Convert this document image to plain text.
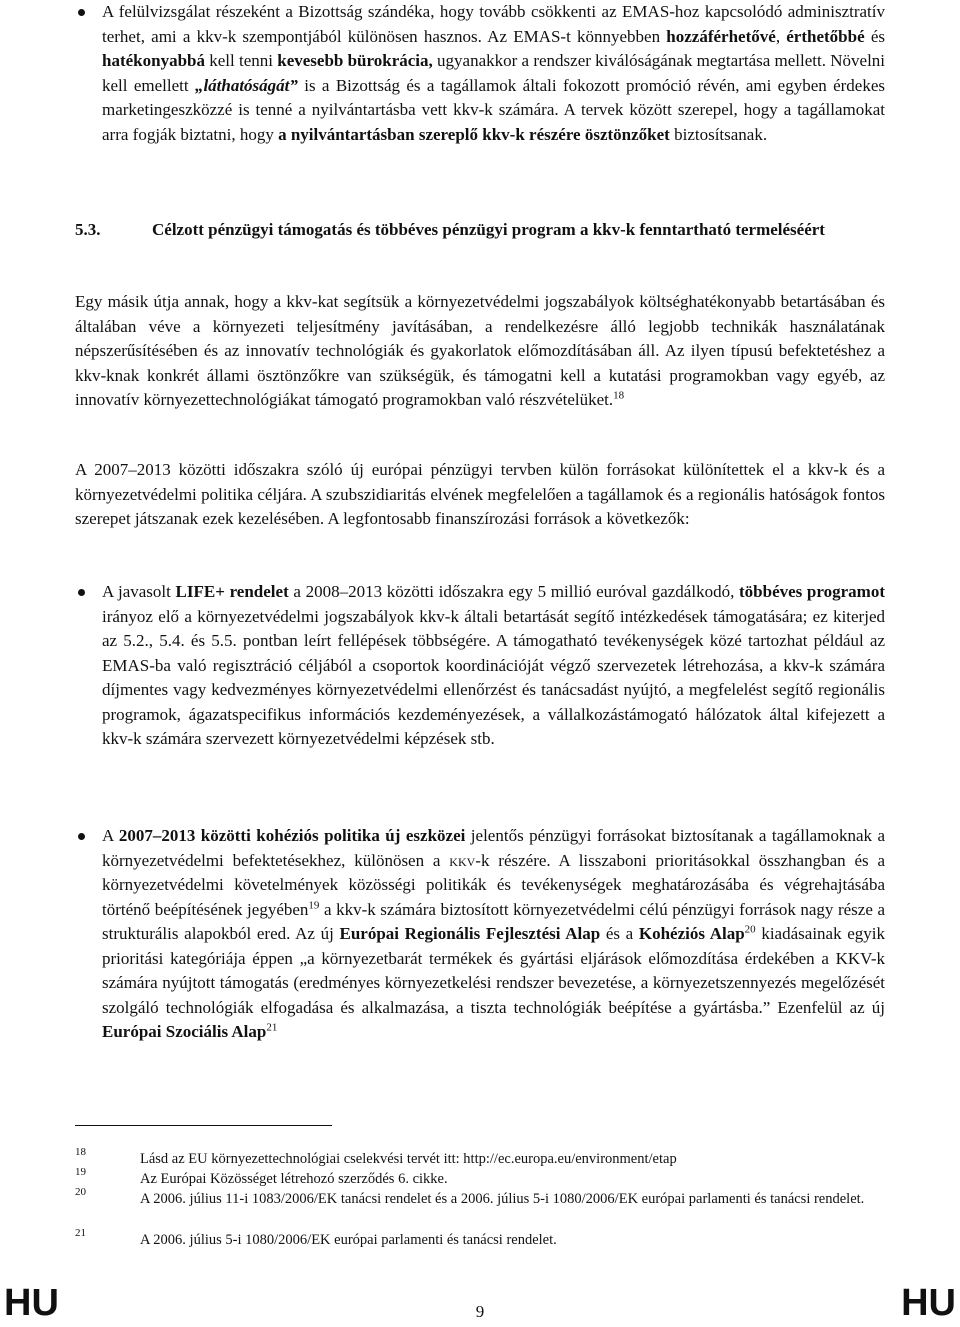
A felülvizsgálat részeként a Bizottság szándéka, hogy tovább csökkenti az EMAS-hoz kapcsolódó adminisztratív terhet, ami a kkv-k szempontjából különösen hasznos. Az EMAS-t könnyebben hozzáférhetővé, érthetőbbé és hatékonyabbá kell tenni kevesebb bürokrácia, ugyanakkor a rendszer kiválóságának megtartása mellett. Növelni kell emellett „láthatóságát” is a Bizottság és a tagállamok általi fokozott promóció révén, ami egyben érdekes marketingeszközzé is tenné a nyilvántartásba vett kkv-k számára. A tervek között szerepel, hogy a tagállamokat arra fogják biztatni, hogy a nyilvántartásban szereplő kkv-k részére ösztönzőket biztosítsanak.
5.3.	Célzott pénzügyi támogatás és többéves pénzügyi program a kkv-k fenntartható termeléséért
Egy másik útja annak, hogy a kkv-kat segítsük a környezetvédelmi jogszabályok költséghatékonyabb betartásában és általában véve a környezeti teljesítmény javításában, a rendelkezésre álló legjobb technikák használatának népszerűsítésében és az innovatív technológiák és gyakorlatok előmozdításában áll. Az ilyen típusú befektetéshez a kkv-knak konkrét állami ösztönzőkre van szükségük, és támogatni kell a kutatási programokban vagy egyéb, az innovatív környezettechnológiákat támogató programokban való részvételüket.$^{18}$
A 2007–2013 közötti időszakra szóló új európai pénzügyi tervben külön forrásokat különítettek el a kkv-k és a környezetvédelmi politika céljára. A szubszidiaritás elvének megfelelően a tagállamok és a regionális hatóságok fontos szerepet játszanak ezek kezelésében. A legfontosabb finanszírozási források a következők:
A javasolt LIFE+ rendelet a 2008–2013 közötti időszakra egy 5 millió euróval gazdálkodó, többéves programot irányoz elő a környezetvédelmi jogszabályok kkv-k általi betartását segítő intézkedések támogatására; ez kiterjed az 5.2., 5.4. és 5.5. pontban leírt fellépések többségére. A támogatható tevékenységek közé tartozhat például az EMAS-ba való regisztráció céljából a csoportok koordinációját végző szervezetek létrehozása, a kkv-k számára díjmentes vagy kedvezményes környezetvédelmi ellenőrzést és tanácsadást nyújtó, a megfelelést segítő regionális programok, ágazatspecifikus információs kezdeményezések, a vállalkozástámogató hálózatok által kifejezett a kkv-k számára szervezett környezetvédelmi képzések stb.
A 2007–2013 közötti kohéziós politika új eszközei jelentős pénzügyi forrásokat biztosítanak a tagállamoknak a környezetvédelmi befektetésekhez, különösen a kkv-k részére. A lisszaboni prioritásokkal összhangban és a környezetvédelmi követelmények közösségi politikák és tevékenységek meghatározásába és végrehajtásába történő beépítésének jegyében$^{19}$ a kkv-k számára biztosított környezetvédelmi célú pénzügyi források nagy része a strukturális alapokból ered. Az új Európai Regionális Fejlesztési Alap és a Kohéziós Alap$^{20}$ kiadásainak egyik prioritási kategóriája éppen „a környezetbarát termékek és gyártási eljárások előmozdítása érdekében a KKV-k számára nyújtott támogatás (eredményes környezetkelési rendszer bevezetése, a környezetszennyezés megelőzését szolgáló technológiák elfogadása és alkalmazása, a tiszta technológiák beépítése a gyártásba.” Ezenfelül az új Európai Szociális Alap$^{21}$
18	Lásd az EU környezettechnológiai cselekvési tervét itt: http://ec.europa.eu/environment/etap
19	Az Európai Közösséget létrehozó szerződés 6. cikke.
20	A 2006. július 11-i 1083/2006/EK tanácsi rendelet és a 2006. július 5-i 1080/2006/EK európai parlamenti és tanácsi rendelet.
21	A 2006. július 5-i 1080/2006/EK európai parlamenti és tanácsi rendelet.
HU	9	HU
